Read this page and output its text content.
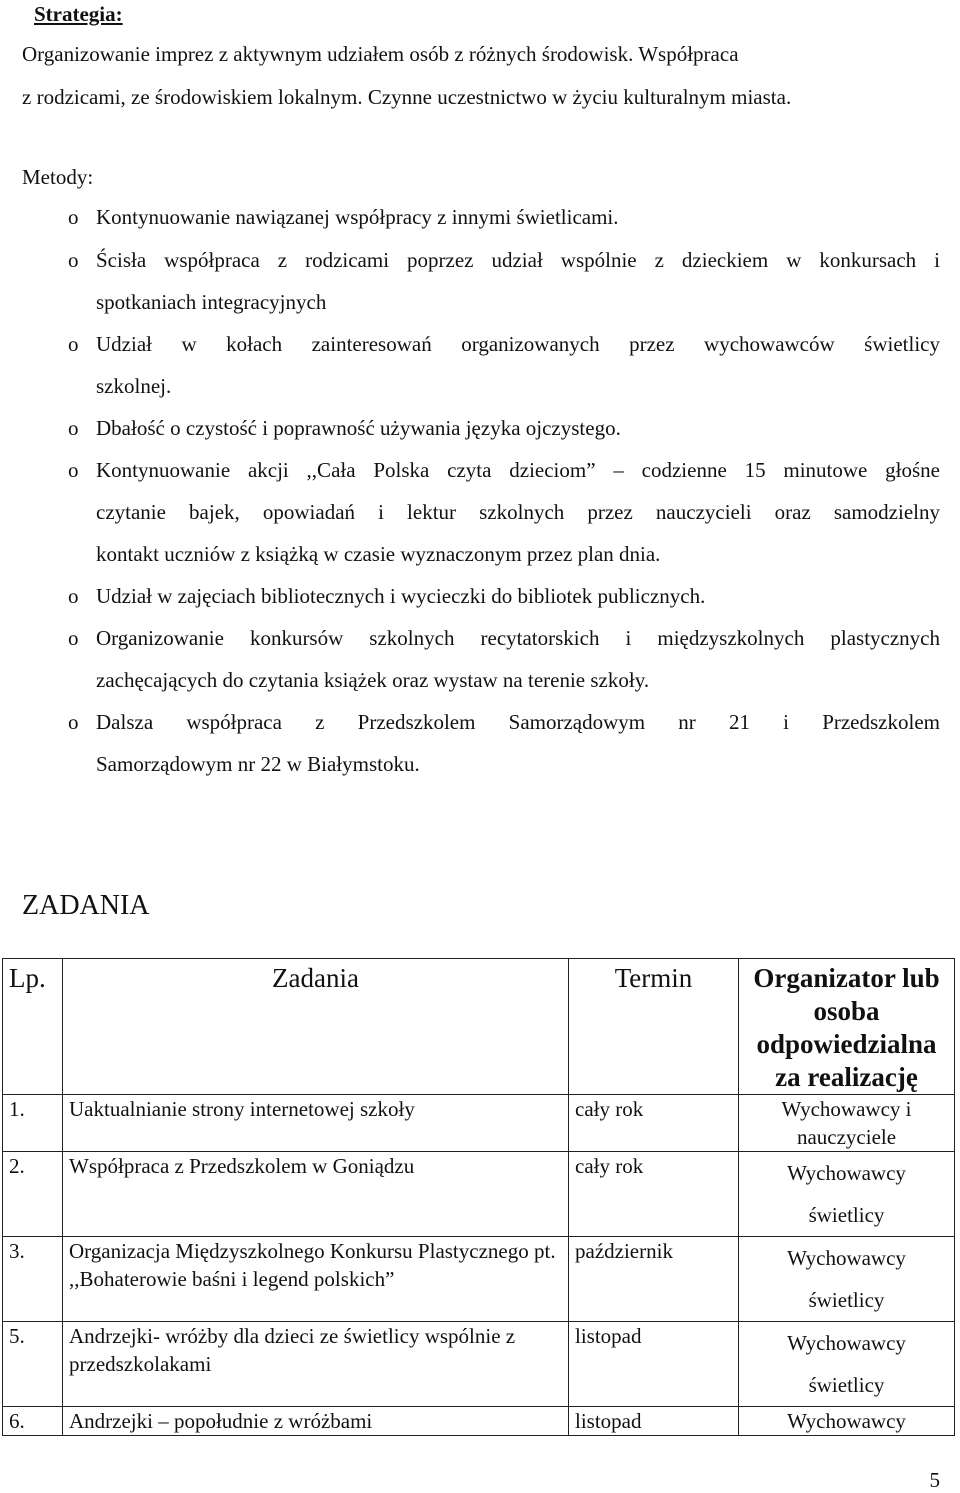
Strategia:
Organizowanie imprez z aktywnym udziałem osób z różnych środowisk. Współpraca
z rodzicami, ze środowiskiem lokalnym. Czynne uczestnictwo w życiu kulturalnym miasta.
Metody:
o Kontynuowanie nawiązanej współpracy z innymi świetlicami.
o Ścisła współpraca z rodzicami poprzez udział wspólnie z dzieckiem w konkursach i
spotkaniach integracyjnych
o Udział w kołach zainteresowań organizowanych przez wychowawców świetlicy
szkolnej.
o Dbałość o czystość i poprawność używania języka ojczystego.
o Kontynuowanie akcji ,,Cała Polska czyta dzieciom” – codzienne 15 minutowe głośne
czytanie bajek, opowiadań i lektur szkolnych przez nauczycieli oraz samodzielny
kontakt uczniów z książką w czasie wyznaczonym przez plan dnia.
o Udział w zajęciach bibliotecznych i wycieczki do bibliotek publicznych.
o Organizowanie konkursów szkolnych recytatorskich i międzyszkolnych plastycznych
zachęcających do czytania książek oraz wystaw na terenie szkoły.
o Dalsza współpraca z Przedszkolem Samorządowym nr 21 i Przedszkolem
Samorządowym nr 22 w Białymstoku.
ZADANIA
Lp.	Zadania	Termin	Organizator lub osoba odpowiedzialna za realizację
1.	Uaktualnianie strony internetowej szkoły	cały rok	Wychowawcy i
nauczyciele

2.	Współpraca z Przedszkolem w Goniądzu	cały rok	Wychowawcy
świetlicy

3.	Organizacja Międzyszkolnego Konkursu Plastycznego pt. ,,Bohaterowie baśni i legend polskich”	październik	Wychowawcy
świetlicy

5.	Andrzejki- wróżby dla dzieci ze świetlicy wspólnie z przedszkolakami	listopad	Wychowawcy
świetlicy

6.	Andrzejki – popołudnie z wróżbami	listopad	Wychowawcy
5
